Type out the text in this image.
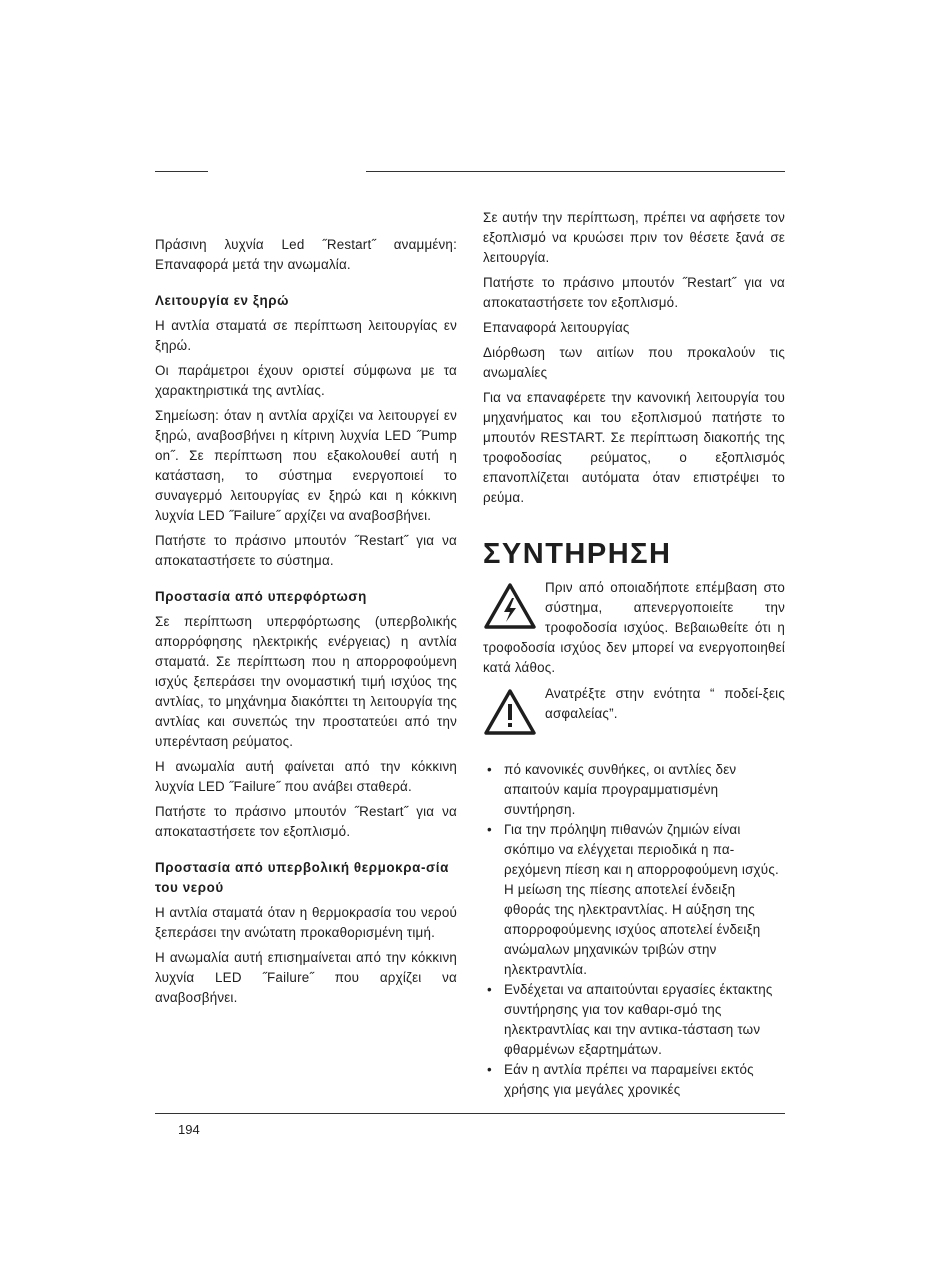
Πράσινη λυχνία Led ˝Restart˝ αναμμένη: Επαναφορά μετά την ανωμαλία.

Λειτουργία εν ξηρώ

Η αντλία σταματά σε περίπτωση λειτουργίας εν ξηρώ.

Οι παράμετροι έχουν οριστεί σύμφωνα με τα χαρακτηριστικά της αντλίας.

Σημείωση: όταν η αντλία αρχίζει να λειτουργεί εν ξηρώ, αναβοσβήνει η κίτρινη λυχνία LED ˝Pump on˝. Σε περίπτωση που εξακολουθεί αυτή η κατάσταση, το σύστημα ενεργοποιεί το συναγερμό λειτουργίας εν ξηρώ και η κόκκινη λυχνία LED ˝Failure˝ αρχίζει να αναβοσβήνει.

Πατήστε το πράσινο μπουτόν ˝Restart˝ για να αποκαταστήσετε το σύστημα.

Προστασία από υπερφόρτωση

Σε περίπτωση υπερφόρτωσης (υπερβολικής απορρόφησης ηλεκτρικής ενέργειας) η αντλία σταματά. Σε περίπτωση που η απορροφούμενη ισχύς ξεπεράσει την ονομαστική τιμή ισχύος της αντλίας, το μηχάνημα διακόπτει τη λειτουργία της αντλίας και συνεπώς την προστατεύει από την υπερένταση ρεύματος.

Η ανωμαλία αυτή φαίνεται από την κόκκινη λυχνία LED ˝Failure˝ που ανάβει σταθερά.

Πατήστε το πράσινο μπουτόν ˝Restart˝ για να αποκαταστήσετε τον εξοπλισμό.

Προστασία από υπερβολική θερμοκρα-σία του νερού

Η αντλία σταματά όταν η θερμοκρασία του νερού ξεπεράσει την ανώτατη προκαθορισμένη τιμή.

Η ανωμαλία αυτή επισημαίνεται από την κόκκινη λυχνία LED ˝Failure˝ που αρχίζει να αναβοσβήνει.

Σε αυτήν την περίπτωση, πρέπει να αφήσετε τον εξοπλισμό να κρυώσει πριν τον θέσετε ξανά σε λειτουργία.

Πατήστε το πράσινο μπουτόν ˝Restart˝ για να αποκαταστήσετε τον εξοπλισμό.

Επαναφορά λειτουργίας

Διόρθωση των αιτίων που προκαλούν τις ανωμαλίες

Για να επαναφέρετε την κανονική λειτουργία του μηχανήματος και του εξοπλισμού πατήστε το μπουτόν RESTART. Σε περίπτωση διακοπής της τροφοδοσίας ρεύματος, ο εξοπλισμός επανοπλίζεται αυτόματα όταν επιστρέψει το ρεύμα.

ΣΥΝΤΗΡΗΣΗ

Πριν από οποιαδήποτε επέμβαση στο σύστημα, απενεργοποιείτε την τροφοδοσία ισχύος. Βεβαιωθείτε ότι η τροφοδοσία ισχύος δεν μπορεί να ενεργοποιηθεί κατά λάθος.

Ανατρέξτε στην ενότητα “ ποδεί-ξεις ασφαλείας”.

• πό κανονικές συνθήκες, οι αντλίες δεν απαιτούν καμία προγραμματισμένη συντήρηση.
• Για την πρόληψη πιθανών ζημιών είναι σκόπιμο να ελέγχεται περιοδικά η πα-ρεχόμενη πίεση και η απορροφούμενη ισχύς. Η μείωση της πίεσης αποτελεί ένδειξη φθοράς της ηλεκτραντλίας. Η αύξηση της απορροφούμενης ισχύος αποτελεί ένδειξη ανώμαλων μηχανικών τριβών στην ηλεκτραντλία.
• Ενδέχεται να απαιτούνται εργασίες έκτακτης συντήρησης για τον καθαρι-σμό της ηλεκτραντλίας και την αντικα-τάσταση των φθαρμένων εξαρτημάτων.
• Εάν η αντλία πρέπει να παραμείνει εκτός χρήσης για μεγάλες χρονικές
194
